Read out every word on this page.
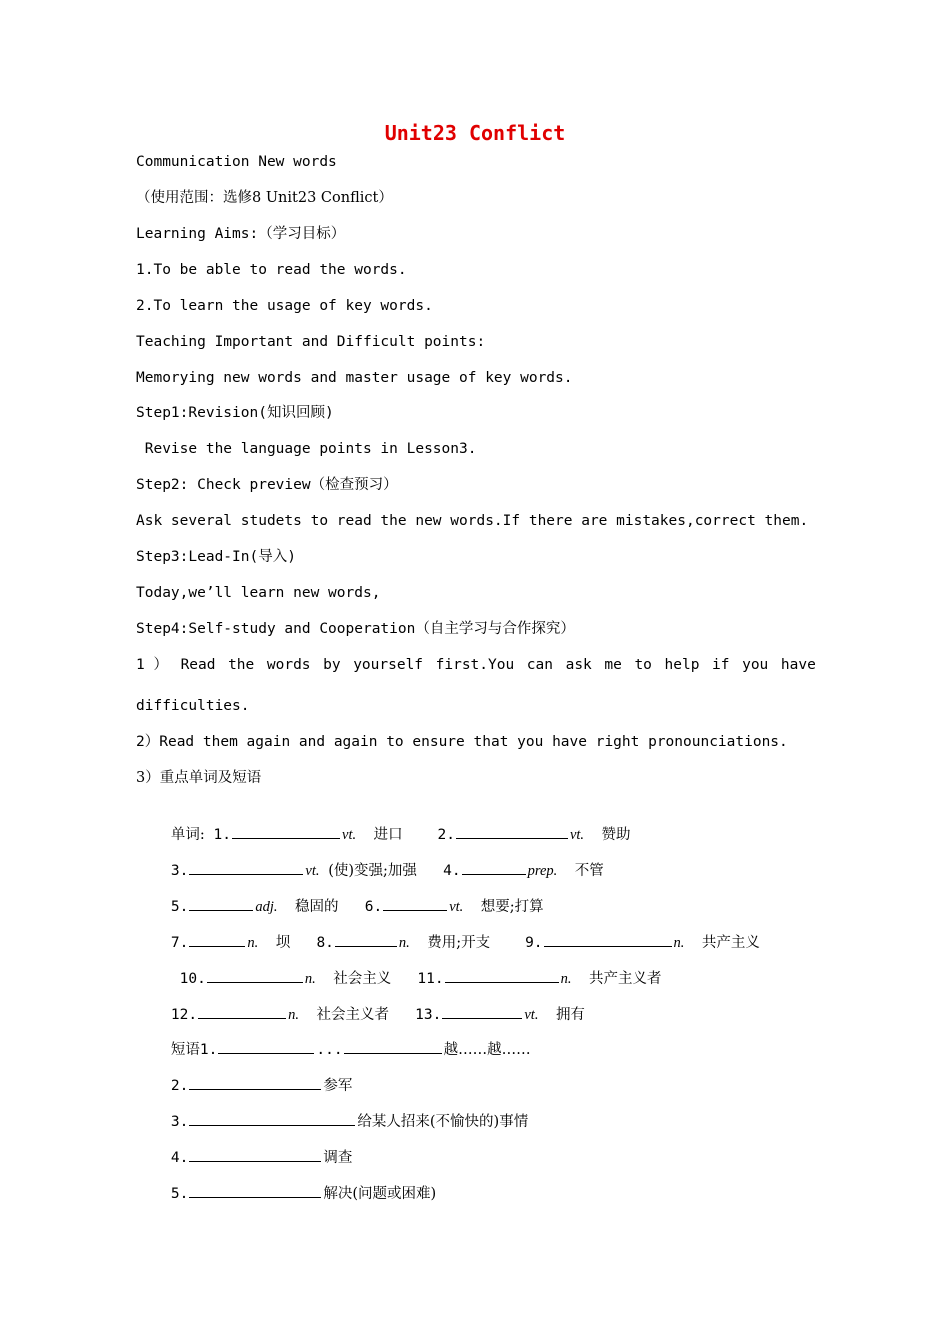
Unit23 Conflict
Communication New words
（使用范围：选修8 Unit23 Conflict）
Learning Aims:（学习目标）
1.To be able to read the words.
2.To learn the usage of key words.
Teaching Important and Difficult points:
Memorying new words and master usage of key words.
Step1:Revision(知识回顾)
Revise the language points in Lesson3.
Step2: Check preview（检查预习）
Ask several studets to read the new words.If there are mistakes,correct them.
Step3:Lead-In(导入)
Today,we’ll learn new words,
Step4:Self-study and Cooperation（自主学习与合作探究）
1 ） Read the words by yourself first.You can ask me to help if you have
difficulties.
2）Read them again and again to ensure that you have right pronounciations.
3）重点单词及短语

单词: 1.	vt. 进口 2.	vt. 赞助

3.	vt. (使)变强;加强 4.	prep. 不管

5.	adj. 稳固的 6.	vt. 想要;打算

7.	n. 坝 8.	n. 费用;开支 9.	n. 共产主义

10.	n. 社会主义 11.	n. 共产主义者

12.	n. 社会主义者 13.	vt. 拥有

短语1.	...	越……越……

2.	参军

3.	给某人招来(不愉快的)事情

4.	调查

5.	解决(问题或困难)
